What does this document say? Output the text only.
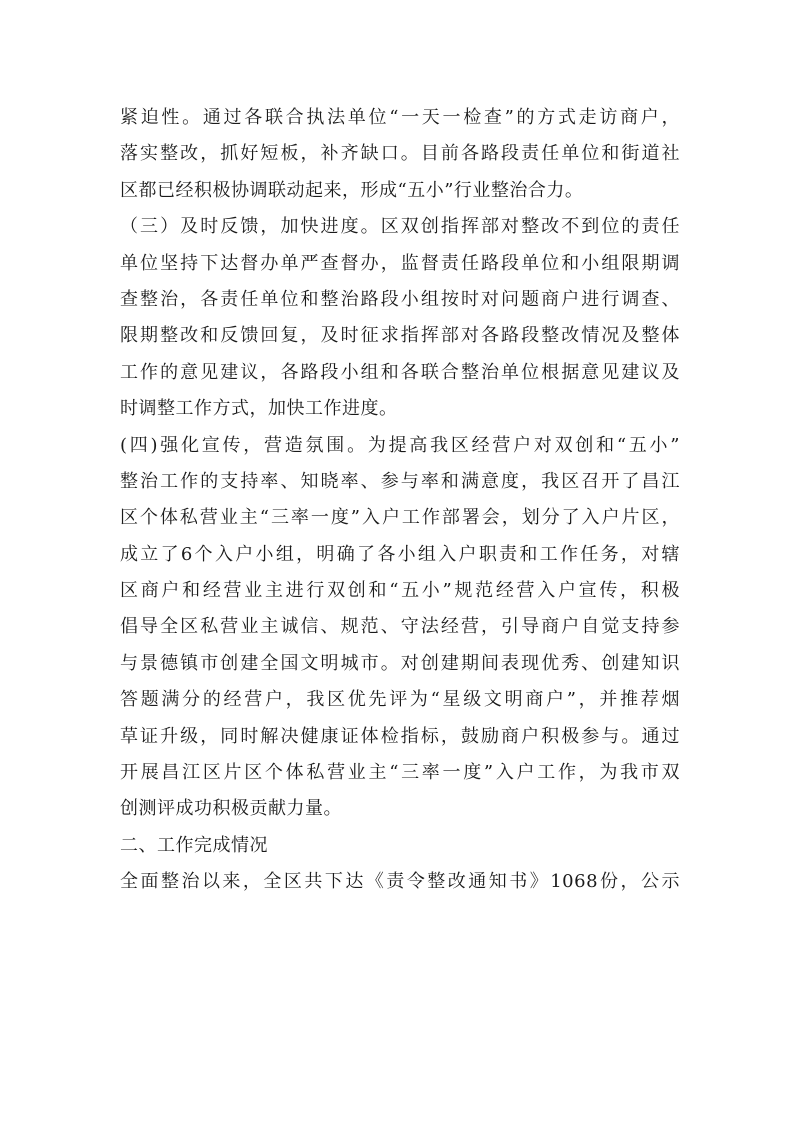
紧迫性。通过各联合执法单位“一天一检查”的方式走访商户，
落实整改，抓好短板，补齐缺口。目前各路段责任单位和街道社
区都已经积极协调联动起来，形成“五小”行业整治合力。
（三）及时反馈，加快进度。区双创指挥部对整改不到位的责任
单位坚持下达督办单严查督办，监督责任路段单位和小组限期调
查整治，各责任单位和整治路段小组按时对问题商户进行调查、
限期整改和反馈回复，及时征求指挥部对各路段整改情况及整体
工作的意见建议，各路段小组和各联合整治单位根据意见建议及
时调整工作方式，加快工作进度。
(四)强化宣传，营造氛围。为提高我区经营户对双创和“五小”
整治工作的支持率、知晓率、参与率和满意度，我区召开了昌江
区个体私营业主“三率一度”入户工作部署会，划分了入户片区，
成立了6个入户小组，明确了各小组入户职责和工作任务，对辖
区商户和经营业主进行双创和“五小”规范经营入户宣传，积极
倡导全区私营业主诚信、规范、守法经营，引导商户自觉支持参
与景德镇市创建全国文明城市。对创建期间表现优秀、创建知识
答题满分的经营户，我区优先评为“星级文明商户”，并推荐烟
草证升级，同时解决健康证体检指标，鼓励商户积极参与。通过
开展昌江区片区个体私营业主“三率一度”入户工作，为我市双
创测评成功积极贡献力量。
二、工作完成情况
全面整治以来，全区共下达《责令整改通知书》1068份，公示
